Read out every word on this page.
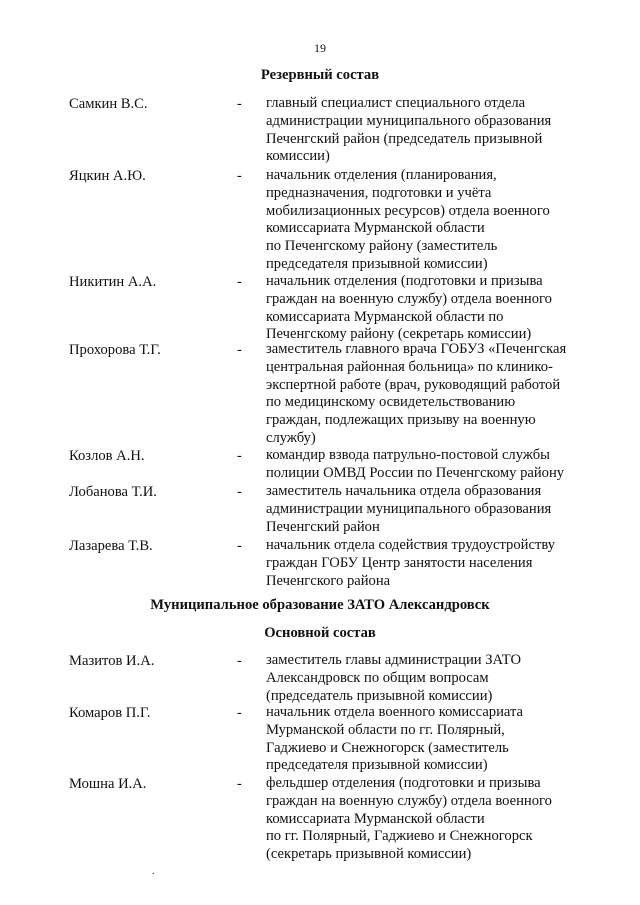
19
Резервный состав
Самкин В.С.	- главный специалист специального отдела
администрации муниципального образования
Печенгский район (председатель призывной
комиссии)
Яцкин А.Ю.	- начальник отделения (планирования,
предназначения, подготовки и учёта
мобилизационных ресурсов) отдела военного
комиссариата Мурманской области
по Печенгскому району (заместитель
председателя призывной комиссии)
Никитин А.А.	- начальник отделения (подготовки и призыва
граждан на военную службу) отдела военного
комиссариата Мурманской области по
Печенгскому району (секретарь комиссии)
Прохорова Т.Г.	- заместитель главного врача ГОБУЗ «Печенгская
центральная районная больница» по клинико-
экспертной работе (врач, руководящий работой
по медицинскому освидетельствованию
граждан, подлежащих призыву на военную
службу)
Козлов А.Н.	- командир взвода патрульно-постовой службы
полиции ОМВД России по Печенгскому району
Лобанова Т.И.	- заместитель начальника отдела образования
администрации муниципального образования
Печенгский район
Лазарева Т.В.	- начальник отдела содействия трудоустройству
граждан ГОБУ Центр занятости населения
Печенгского района
Муниципальное образование ЗАТО Александровск
Основной состав
Мазитов И.А.	- заместитель главы администрации ЗАТО
Александровск по общим вопросам
(председатель призывной комиссии)
Комаров П.Г.	- начальник отдела военного комиссариата
Мурманской области по гг. Полярный,
Гаджиево и Снежногорск (заместитель
председателя призывной комиссии)
Мошна И.А.	- фельдшер отделения (подготовки и призыва
граждан на военную службу) отдела военного
комиссариата Мурманской области
по гг. Полярный, Гаджиево и Снежногорск
(секретарь призывной комиссии)
.
